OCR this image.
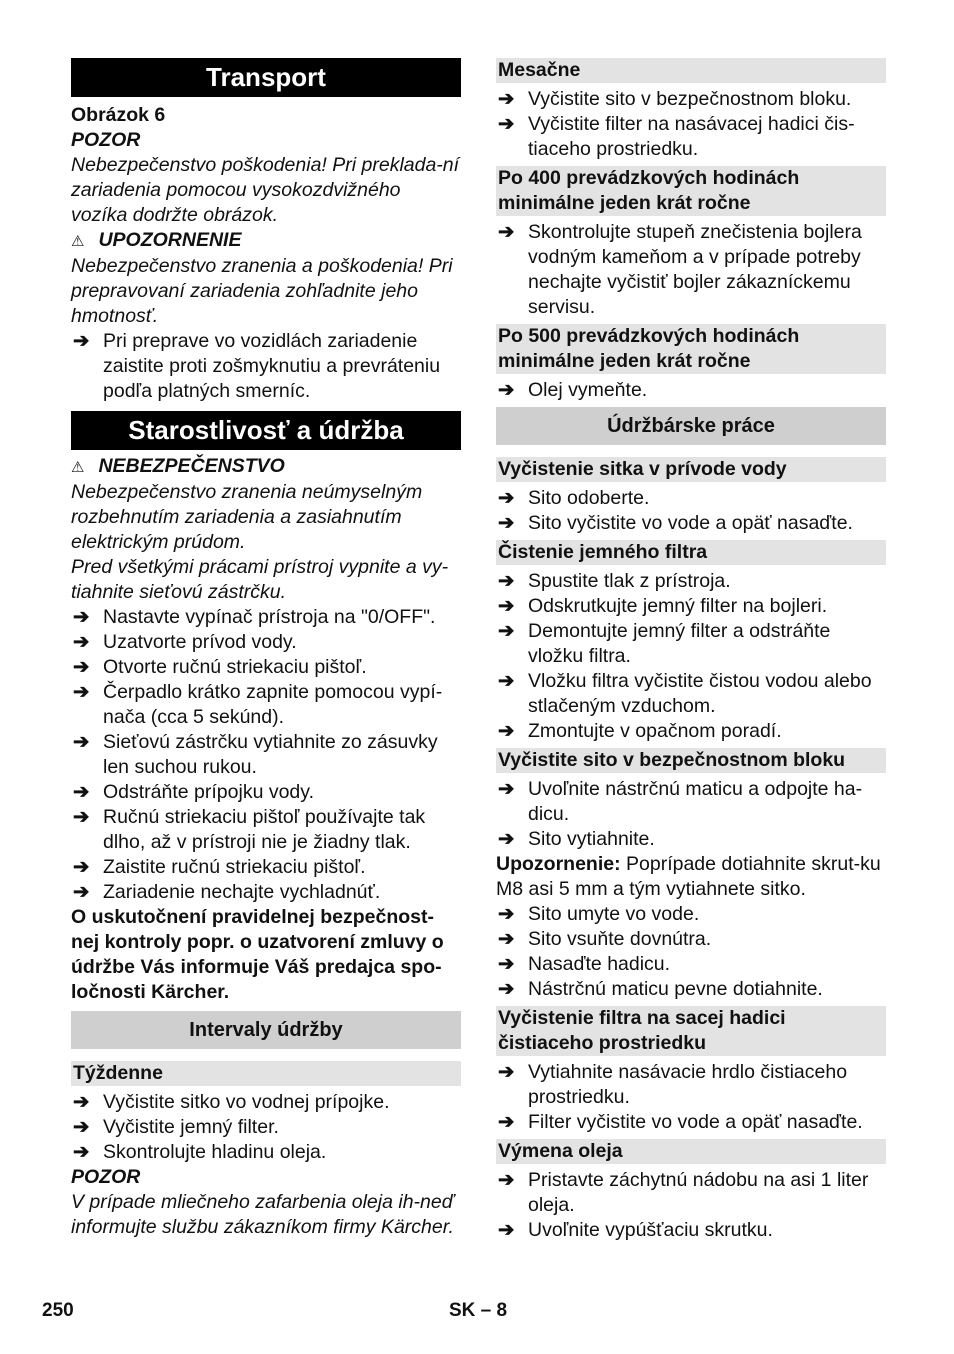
Transport

Obrázok 6

POZOR

Nebezpečenstvo poškodenia! Pri preklada-ní zariadenia pomocou vysokozdvižného vozíka dodržte obrázok.

⚠ UPOZORNENIE

Nebezpečenstvo zranenia a poškodenia! Pri prepravovaní zariadenia zohľadnite jeho hmotnosť.

➔ Pri preprave vo vozidlách zariadenie zaistite proti zošmyknutiu a prevráteniu podľa platných smerníc.
Starostlivosť a údržba

⚠ NEBEZPEČENSTVO

Nebezpečenstvo zranenia neúmyselným rozbehnutím zariadenia a zasiahnutím elektrickým prúdom.

Pred všetkými prácami prístroj vypnite a vy-tiahnite sieťovú zástrčku.

➔ Nastavte vypínač prístroja na "0/OFF".
➔ Uzatvorte prívod vody.
➔ Otvorte ručnú striekaciu pištoľ.
➔ Čerpadlo krátko zapnite pomocou vypí-nača (cca 5 sekúnd).
➔ Sieťovú zástrčku vytiahnite zo zásuvky len suchou rukou.
➔ Odstráňte prípojku vody.
➔ Ručnú striekaciu pištoľ používajte tak dlho, až v prístroji nie je žiadny tlak.
➔ Zaistite ručnú striekaciu pištoľ.
➔ Zariadenie nechajte vychladnúť.

O uskutočnení pravidelnej bezpečnost-nej kontroly popr. o uzatvorení zmluvy o údržbe Vás informuje Váš predajca spo-ločnosti Kärcher.

Intervaly údržby
Týždenne
➔ Vyčistite sitko vo vodnej prípojke.
➔ Vyčistite jemný filter.
➔ Skontrolujte hladinu oleja.

POZOR

V prípade mliečneho zafarbenia oleja ih-neď informujte službu zákazníkom firmy Kärcher.

Mesačne
➔ Vyčistite sito v bezpečnostnom bloku.
➔ Vyčistite filter na nasávacej hadici čis-tiaceho prostriedku.
Po 400 prevádzkových hodinách minimálne jeden krát ročne
➔ Skontrolujte stupeň znečistenia bojlera vodným kameňom a v prípade potreby nechajte vyčistiť bojler zákazníckemu servisu.
Po 500 prevádzkových hodinách minimálne jeden krát ročne
➔ Olej vymeňte.
Údržbárske práce
Vyčistenie sitka v prívode vody
➔ Sito odoberte.
➔ Sito vyčistite vo vode a opäť nasaďte.
Čistenie jemného filtra
➔ Spustite tlak z prístroja.
➔ Odskrutkujte jemný filter na bojleri.
➔ Demontujte jemný filter a odstráňte vložku filtra.
➔ Vložku filtra vyčistite čistou vodou alebo stlačeným vzduchom.
➔ Zmontujte v opačnom poradí.
Vyčistite sito v bezpečnostnom bloku
➔ Uvoľnite nástrčnú maticu a odpojte ha-dicu.
➔ Sito vytiahnite.

Upozornenie: Poprípade dotiahnite skrut-ku M8 asi 5 mm a tým vytiahnete sitko.

➔ Sito umyte vo vode.
➔ Sito vsuňte dovnútra.
➔ Nasaďte hadicu.
➔ Nástrčnú maticu pevne dotiahnite.
Vyčistenie filtra na sacej hadici čistiaceho prostriedku
➔ Vytiahnite nasávacie hrdlo čistiaceho prostriedku.
➔ Filter vyčistite vo vode a opäť nasaďte.
Výmena oleja
➔ Pristavte záchytnú nádobu na asi 1 liter oleja.
➔ Uvoľnite vypúšťaciu skrutku.
250	SK – 8
